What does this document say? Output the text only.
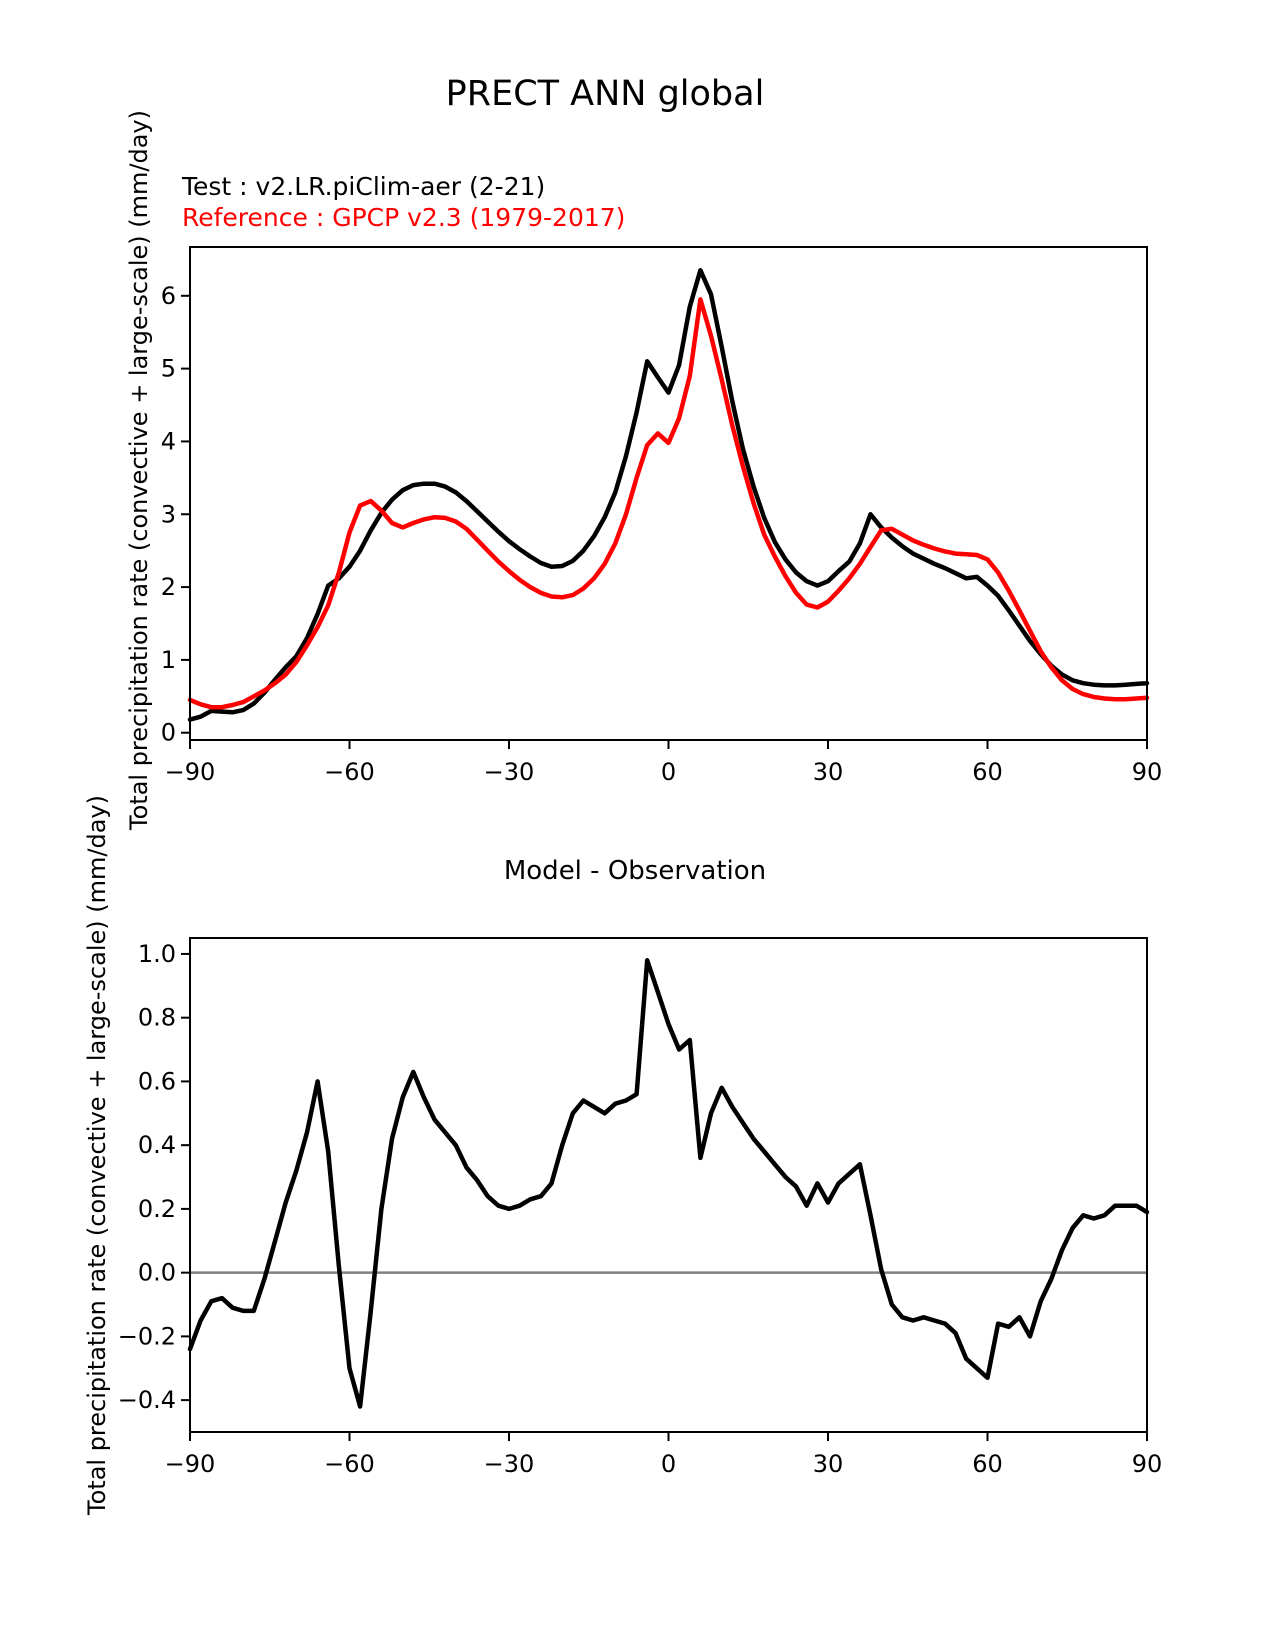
PRECT ANN global
Test : v2.LR.piClim-aer (2-21)
Reference : GPCP v2.3 (1979-2017)
Total precipitation rate (convective + large-scale) (mm/day)
Total precipitation rate (convective + large-scale) (mm/day)	Model - Observation
−90	−60	−30	0	30	60	90
0
1
2
3
4
5
6
−90	−60	−30	0	30	60	90
1.0
0.8
0.6
0.4
0.2
0.0
−0.2
−0.4
